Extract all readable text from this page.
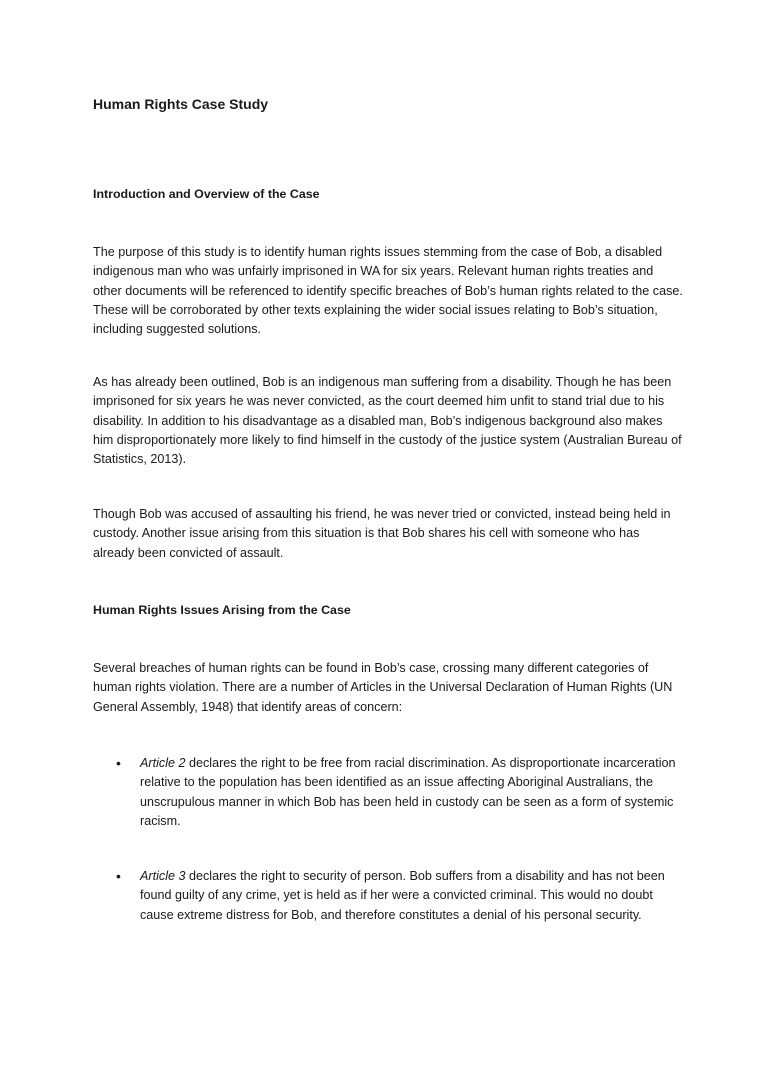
Human Rights Case Study
Introduction and Overview of the Case

The purpose of this study is to identify human rights issues stemming from the case of Bob, a disabled indigenous man who was unfairly imprisoned in WA for six years. Relevant human rights treaties and other documents will be referenced to identify specific breaches of Bob’s human rights related to the case. These will be corroborated by other texts explaining the wider social issues relating to Bob’s situation, including suggested solutions.

As has already been outlined, Bob is an indigenous man suffering from a disability. Though he has been imprisoned for six years he was never convicted, as the court deemed him unfit to stand trial due to his disability. In addition to his disadvantage as a disabled man, Bob’s indigenous background also makes him disproportionately more likely to find himself in the custody of the justice system (Australian Bureau of Statistics, 2013).

Though Bob was accused of assaulting his friend, he was never tried or convicted, instead being held in custody. Another issue arising from this situation is that Bob shares his cell with someone who has already been convicted of assault.

Human Rights Issues Arising from the Case

Several breaches of human rights can be found in Bob’s case, crossing many different categories of human rights violation. There are a number of Articles in the Universal Declaration of Human Rights (UN General Assembly, 1948) that identify areas of concern:

• Article 2 declares the right to be free from racial discrimination. As disproportionate incarceration relative to the population has been identified as an issue affecting Aboriginal Australians, the unscrupulous manner in which Bob has been held in custody can be seen as a form of systemic racism.
• Article 3 declares the right to security of person. Bob suffers from a disability and has not been found guilty of any crime, yet is held as if her were a convicted criminal. This would no doubt cause extreme distress for Bob, and therefore constitutes a denial of his personal security.
